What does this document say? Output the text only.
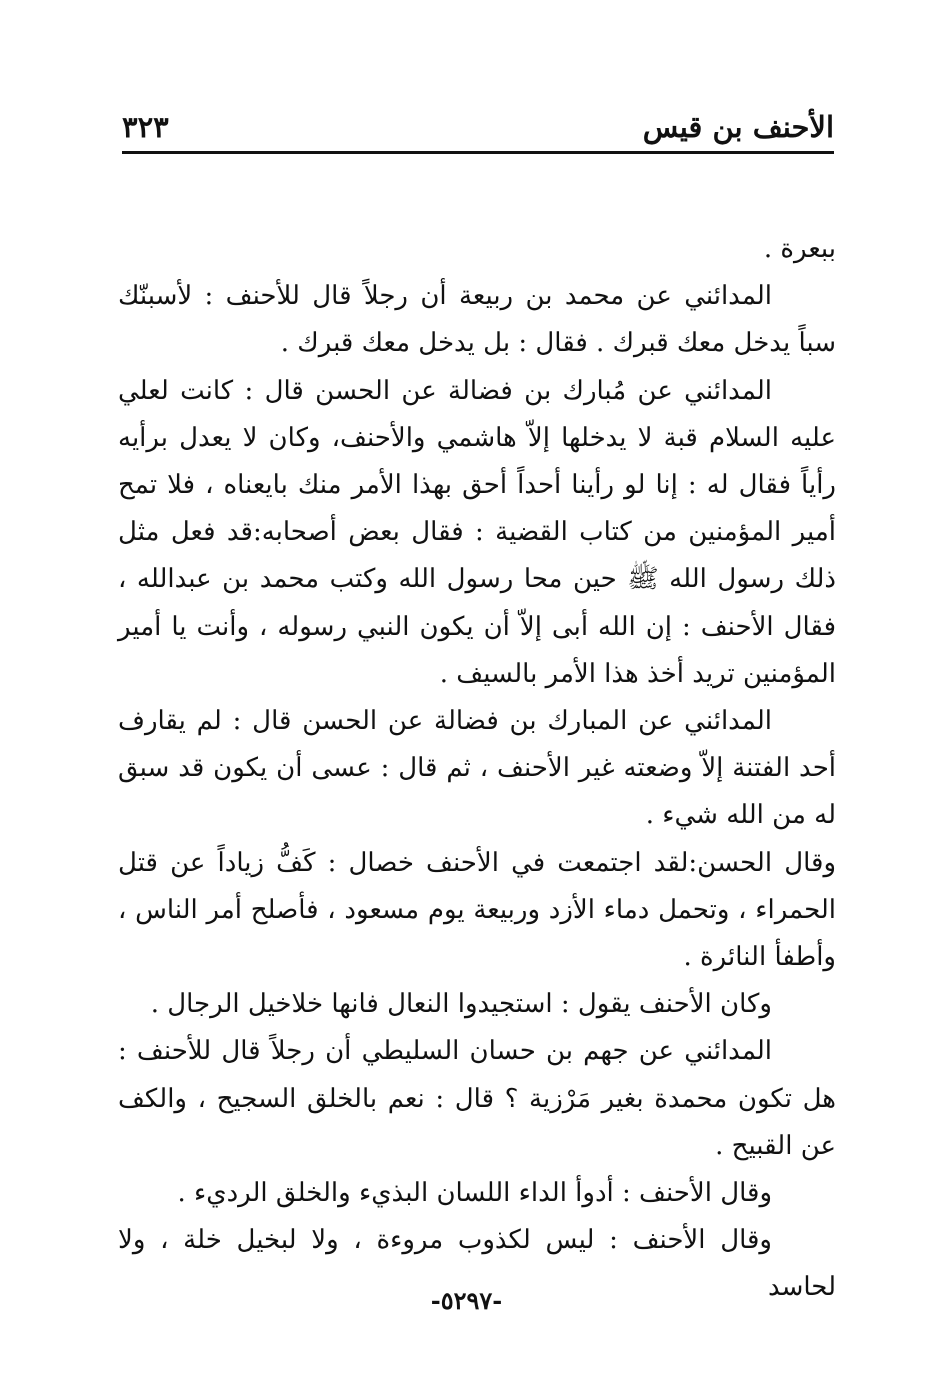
الأحنف بن قيس
٣٢٣

ببعرة .

المدائني عن محمد بن ربيعة أن رجلاً قال للأحنف : لأسبنّك سباً يدخل معك قبرك . فقال : بل يدخل معك قبرك .

المدائني عن مُبارك بن فضالة عن الحسن قال : كانت لعلي عليه السلام قبة لا يدخلها إلاّ هاشمي والأحنف، وكان لا يعدل برأيه رأياً فقال له : إنا لو رأينا أحداً أحق بهذا الأمر منك بايعناه ، فلا تمح أمير المؤمنين من كتاب القضية : فقال بعض أصحابه:قد فعل مثل ذلك رسول الله ﷺ حين محا رسول الله وكتب محمد بن عبدالله ، فقال الأحنف : إن الله أبى إلاّ أن يكون النبي رسوله ، وأنت يا أمير المؤمنين تريد أخذ هذا الأمر بالسيف .

المدائني عن المبارك بن فضالة عن الحسن قال : لم يقارف أحد الفتنة إلاّ وضعته غير الأحنف ، ثم قال : عسى أن يكون قد سبق له من الله شيء .

وقال الحسن:لقد اجتمعت في الأحنف خصال : كَفُّ زياداً عن قتل الحمراء ، وتحمل دماء الأزد وربيعة يوم مسعود ، فأصلح أمر الناس ، وأطفأ النائرة .

وكان الأحنف يقول : استجيدوا النعال فانها خلاخيل الرجال .

المدائني عن جهم بن حسان السليطي أن رجلاً قال للأحنف : هل تكون محمدة بغير مَرْزية ؟ قال : نعم بالخلق السجيح ، والكف عن القبيح .

وقال الأحنف : أدوأ الداء اللسان البذيء والخلق الرديء .

وقال الأحنف : ليس لكذوب مروءة ، ولا لبخيل خلة ، ولا لحاسد

-٥٢٩٧-
